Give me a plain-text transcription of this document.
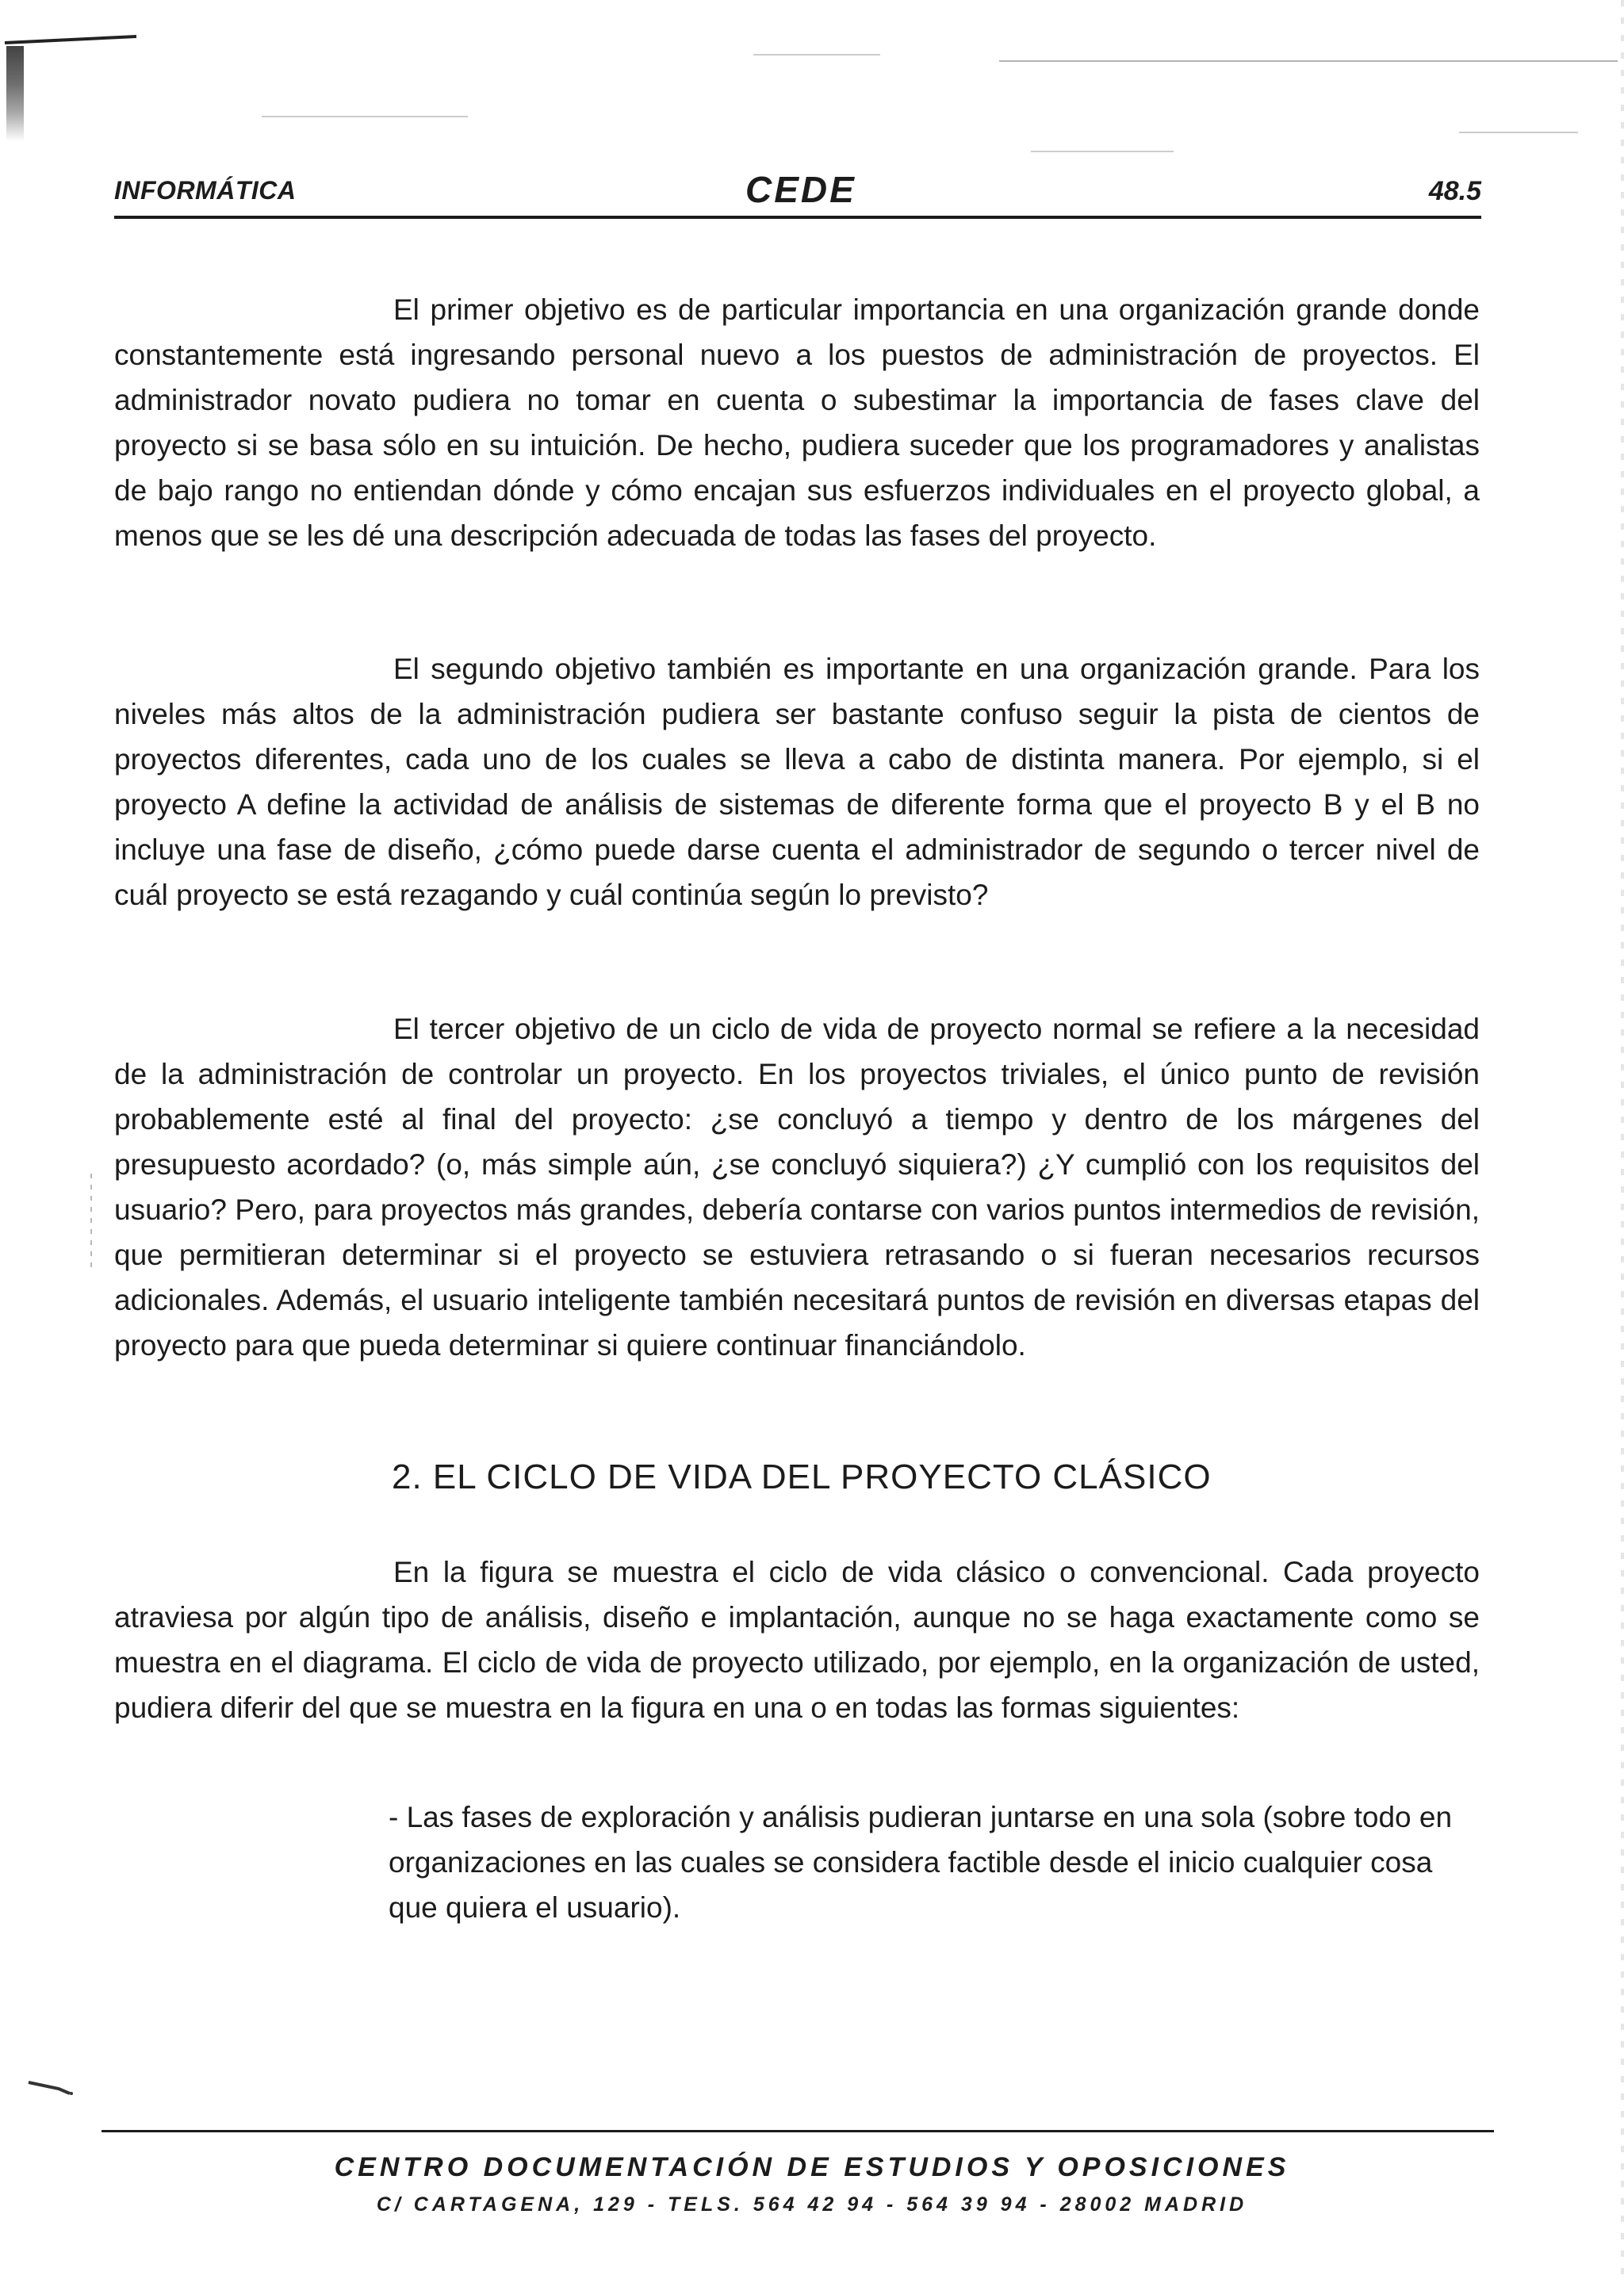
INFORMÁTICA	CEDE	48.5

El primer objetivo es de particular importancia en una organización grande donde constantemente está ingresando personal nuevo a los puestos de administración de proyectos. El administrador novato pudiera no tomar en cuenta o subestimar la importancia de fases clave del proyecto si se basa sólo en su intuición. De hecho, pudiera suceder que los programadores y analistas de bajo rango no entiendan dónde y cómo encajan sus esfuerzos individuales en el proyecto global, a menos que se les dé una descripción adecuada de todas las fases del proyecto.

El segundo objetivo también es importante en una organización grande. Para los niveles más altos de la administración pudiera ser bastante confuso seguir la pista de cientos de proyectos diferentes, cada uno de los cuales se lleva a cabo de distinta manera. Por ejemplo, si el proyecto A define la actividad de análisis de sistemas de diferente forma que el proyecto B y el B no incluye una fase de diseño, ¿cómo puede darse cuenta el administrador de segundo o tercer nivel de cuál proyecto se está rezagando y cuál continúa según lo previsto?

El tercer objetivo de un ciclo de vida de proyecto normal se refiere a la necesidad de la administración de controlar un proyecto. En los proyectos triviales, el único punto de revisión probablemente esté al final del proyecto: ¿se concluyó a tiempo y dentro de los márgenes del presupuesto acordado? (o, más simple aún, ¿se concluyó siquiera?) ¿Y cumplió con los requisitos del usuario? Pero, para proyectos más grandes, debería contarse con varios puntos intermedios de revisión, que permitieran determinar si el proyecto se estuviera retrasando o si fueran necesarios recursos adicionales. Además, el usuario inteligente también necesitará puntos de revisión en diversas etapas del proyecto para que pueda determinar si quiere continuar financiándolo.

2. EL CICLO DE VIDA DEL PROYECTO CLÁSICO

En la figura se muestra el ciclo de vida clásico o convencional. Cada proyecto atraviesa por algún tipo de análisis, diseño e implantación, aunque no se haga exactamente como se muestra en el diagrama. El ciclo de vida de proyecto utilizado, por ejemplo, en la organización de usted, pudiera diferir del que se muestra en la figura en una o en todas las formas siguientes:

- Las fases de exploración y análisis pudieran juntarse en una sola (sobre todo en organizaciones en las cuales se considera factible desde el inicio cualquier cosa que quiera el usuario).

CENTRO DOCUMENTACIÓN DE ESTUDIOS Y OPOSICIONES
C/ CARTAGENA, 129 - TELS. 564 42 94 - 564 39 94 - 28002 MADRID
